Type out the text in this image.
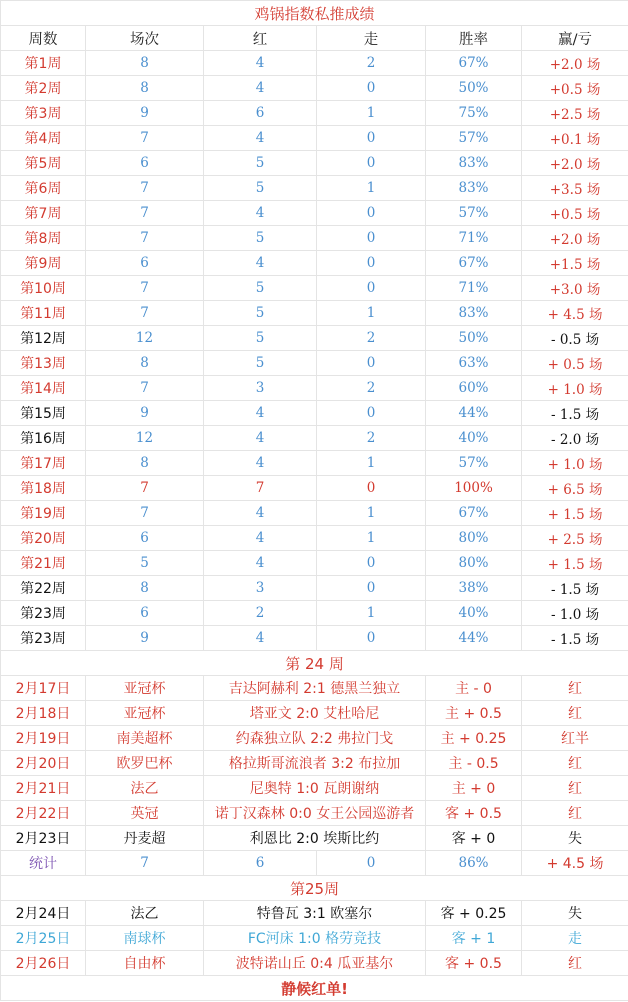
鸡锅指数私推成绩					
周数	场次	红	走	胜率	赢/亏
第1周	8	4	2	67%	+2.0 场
第2周	8	4	0	50%	+0.5 场
第3周	9	6	1	75%	+2.5 场
第4周	7	4	0	57%	+0.1 场
第5周	6	5	0	83%	+2.0 场
第6周	7	5	1	83%	+3.5 场
第7周	7	4	0	57%	+0.5 场
第8周	7	5	0	71%	+2.0 场
第9周	6	4	0	67%	+1.5 场
第10周	7	5	0	71%	+3.0 场
第11周	7	5	1	83%	+ 4.5 场
第12周	12	5	2	50%	- 0.5 场
第13周	8	5	0	63%	+ 0.5 场
第14周	7	3	2	60%	+ 1.0 场
第15周	9	4	0	44%	- 1.5 场
第16周	12	4	2	40%	- 2.0 场
第17周	8	4	1	57%	+ 1.0 场
第18周	7	7	0	100%	+ 6.5 场
第19周	7	4	1	67%	+ 1.5 场
第20周	6	4	1	80%	+ 2.5 场
第21周	5	4	0	80%	+ 1.5 场
第22周	8	3	0	38%	- 1.5 场
第23周	6	2	1	40%	- 1.0 场
第23周	9	4	0	44%	- 1.5 场
第 24 周					
2月17日	亚冠杯	吉达阿赫利 2:1 德黑兰独立		主 - 0	红
2月18日	亚冠杯	塔亚文 2:0 艾杜哈尼		主 + 0.5	红
2月19日	南美超杯	约森独立队 2:2 弗拉门戈		主 + 0.25	红半
2月20日	欧罗巴杯	格拉斯哥流浪者 3:2 布拉加		主 - 0.5	红
2月21日	法乙	尼奥特 1:0 瓦朗谢纳		主 + 0	红
2月22日	英冠	诺丁汉森林 0:0 女王公园巡游者		客 + 0.5	红
2月23日	丹麦超	利恩比 2:0 埃斯比约		客 + 0	失
统计	7	6	0	86%	+ 4.5 场
第25周					
2月24日	法乙	特鲁瓦 3:1 欧塞尔		客 + 0.25	失
2月25日	南球杯	FC河床 1:0 格劳竞技		客 + 1	走
2月26日	自由杯	波特诺山丘 0:4 瓜亚基尔		客 + 0.5	红
静候红单!					
